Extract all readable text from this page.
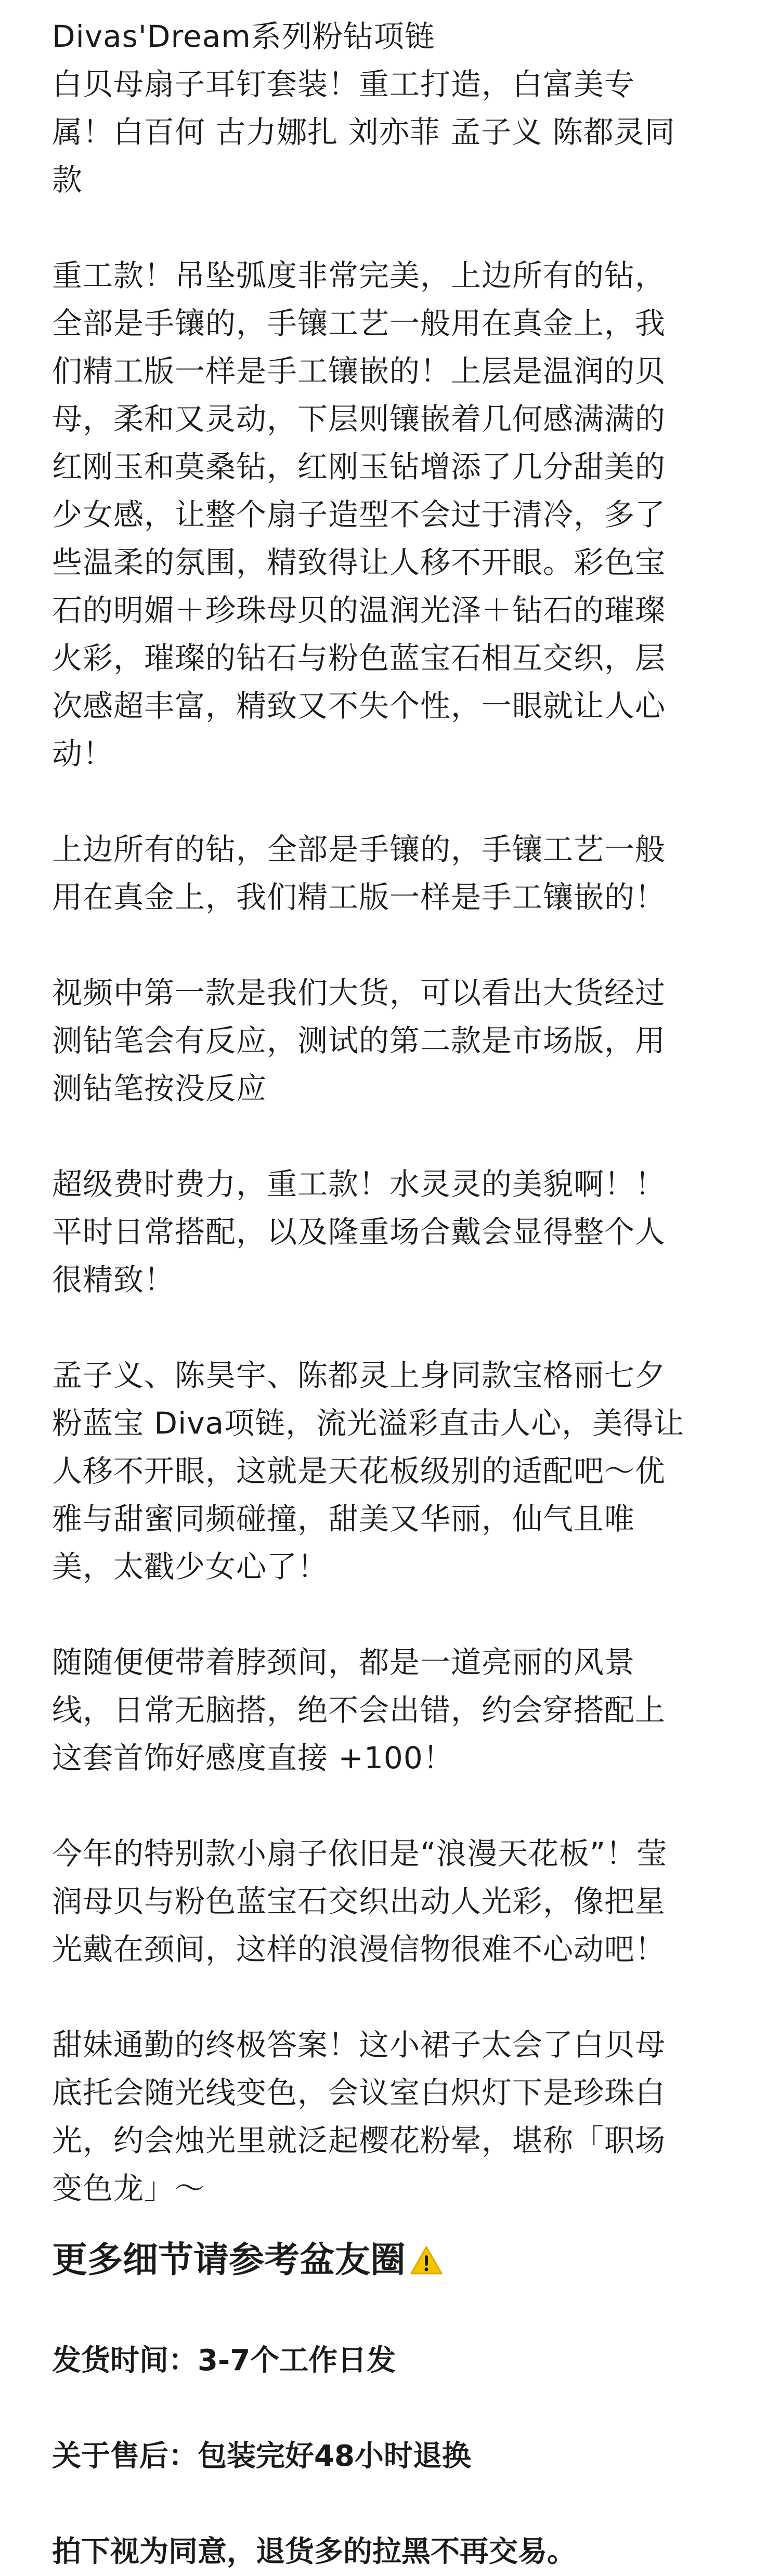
Divas'Dream系列粉钻项链

白贝母扇子耳钉套装！重工打造，白富美专

属！白百何 古力娜扎 刘亦菲 孟子义 陈都灵同

款

重工款！吊坠弧度非常完美，上边所有的钻，

全部是手镶的，手镶工艺一般用在真金上，我

们精工版一样是手工镶嵌的！上层是温润的贝

母，柔和又灵动，下层则镶嵌着几何感满满的

红刚玉和莫桑钻，红刚玉钻增添了几分甜美的

少女感，让整个扇子造型不会过于清冷，多了

些温柔的氛围，精致得让人移不开眼。彩色宝

石的明媚＋珍珠母贝的温润光泽＋钻石的璀璨

火彩，璀璨的钻石与粉色蓝宝石相互交织，层

次感超丰富，精致又不失个性，一眼就让人心

动！

上边所有的钻，全部是手镶的，手镶工艺一般

用在真金上，我们精工版一样是手工镶嵌的！

视频中第一款是我们大货，可以看出大货经过

测钻笔会有反应，测试的第二款是市场版，用

测钻笔按没反应

超级费时费力，重工款！水灵灵的美貌啊！！

平时日常搭配，以及隆重场合戴会显得整个人

很精致！

孟子义、陈昊宇、陈都灵上身同款宝格丽七夕

粉蓝宝 Diva项链，流光溢彩直击人心，美得让

人移不开眼，这就是天花板级别的适配吧～优

雅与甜蜜同频碰撞，甜美又华丽，仙气且唯

美，太戳少女心了！

随随便便带着脖颈间，都是一道亮丽的风景

线，日常无脑搭，绝不会出错，约会穿搭配上

这套首饰好感度直接 +100！

今年的特别款小扇子依旧是“浪漫天花板”！莹

润母贝与粉色蓝宝石交织出动人光彩，像把星

光戴在颈间，这样的浪漫信物很难不心动吧！

甜妹通勤的终极答案！这小裙子太会了白贝母

底托会随光线变色，会议室白炽灯下是珍珠白

光，约会烛光里就泛起樱花粉晕，堪称「职场

变色龙」～

更多细节请参考盆友圈

发货时间：3-7个工作日发

关于售后：包装完好48小时退换

拍下视为同意，退货多的拉黑不再交易。
